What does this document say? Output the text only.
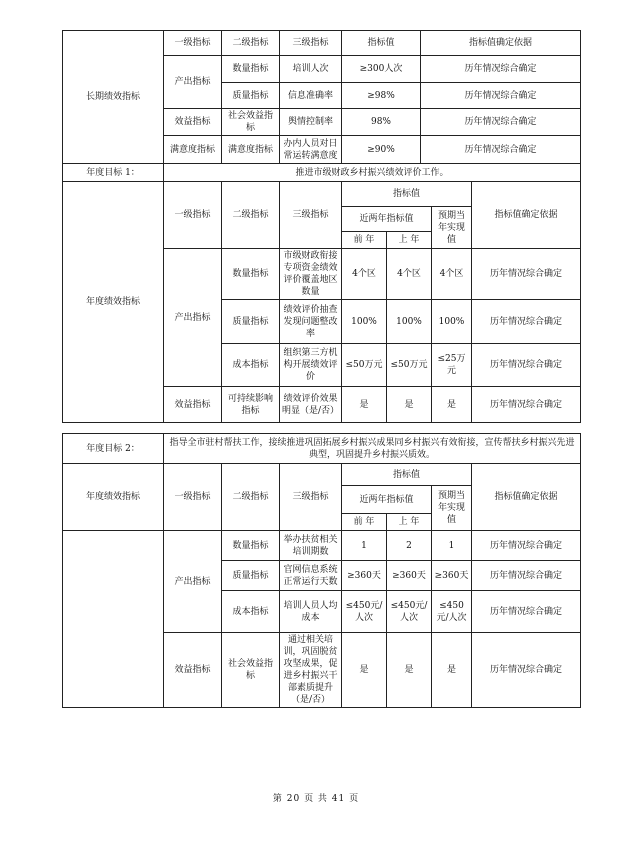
长期绩效指标	一级指标	二级指标	三级指标	指标值	指标值确定依据
	产出指标	数量指标	培训人次	≥300人次	历年情况综合确定
		质量指标	信息准确率	≥98%	历年情况综合确定
	效益指标	社会效益指标	舆情控制率	98%	历年情况综合确定
	满意度指标	满意度指标	办内人员对日常运转满意度	≥90%	历年情况综合确定
年度目标 1：	推进市级财政乡村振兴绩效评价工作。						
年度绩效指标	一级指标	二级指标	三级指标	指标值			指标值确定依据
				近两年指标值		预期当年实现值	
				前 年	上 年		
	产出指标	数量指标	市级财政衔接专项资金绩效评价覆盖地区数量	4个区	4个区	4个区	历年情况综合确定
		质量指标	绩效评价抽查发现问题整改率	100%	100%	100%	历年情况综合确定
		成本指标	组织第三方机构开展绩效评价	≤50万元	≤50万元	≤25万元	历年情况综合确定
	效益指标	可持续影响指标	绩效评价效果明显（是/否）	是	是	是	历年情况综合确定
年度目标 2：	指导全市驻村帮扶工作，接续推进巩固拓展乡村振兴成果同乡村振兴有效衔接，宣传帮扶乡村振兴先进典型，巩固提升乡村振兴质效。						
年度绩效指标	一级指标	二级指标	三级指标	指标值			指标值确定依据
				近两年指标值		预期当年实现值	
				前 年	上 年		
	产出指标	数量指标	举办扶贫相关培训期数	1	2	1	历年情况综合确定
		质量指标	官网信息系统正常运行天数	≥360天	≥360天	≥360天	历年情况综合确定
		成本指标	培训人员人均成本	≤450元/人次	≤450元/人次	≤450元/人次	历年情况综合确定
	效益指标	社会效益指标	通过相关培训，巩固脱贫攻坚成果，促进乡村振兴干部素质提升（是/否）	是	是	是	历年情况综合确定
第 20 页 共 41 页
